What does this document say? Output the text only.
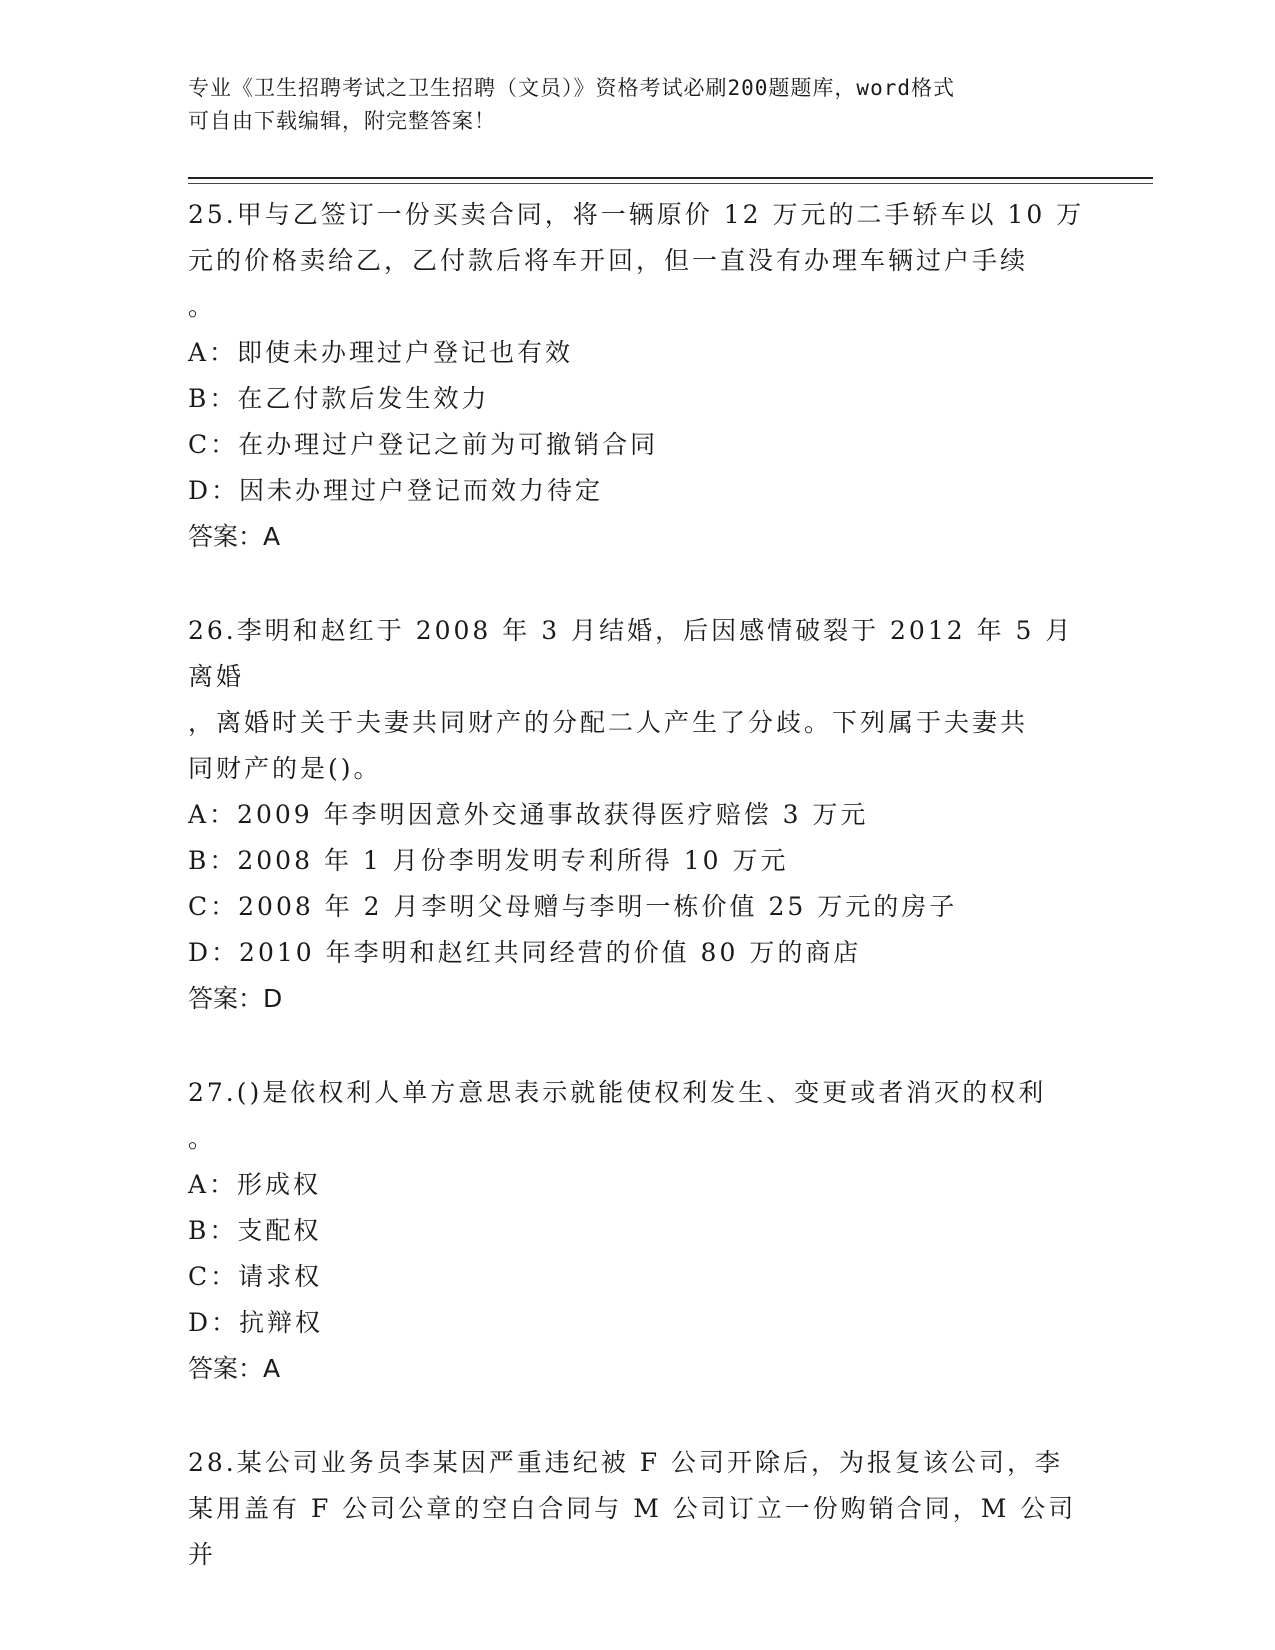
专业《卫生招聘考试之卫生招聘（文员）》资格考试必刷200题题库，word格式
可自由下载编辑，附完整答案！

25.甲与乙签订一份买卖合同，将一辆原价 12 万元的二手轿车以 10 万

元的价格卖给乙，乙付款后将车开回，但一直没有办理车辆过户手续

。

A：即使未办理过户登记也有效

B：在乙付款后发生效力

C：在办理过户登记之前为可撤销合同

D：因未办理过户登记而效力待定

答案：A

26.李明和赵红于 2008 年 3 月结婚，后因感情破裂于 2012 年 5 月离婚

，离婚时关于夫妻共同财产的分配二人产生了分歧。下列属于夫妻共

同财产的是()。

A：2009 年李明因意外交通事故获得医疗赔偿 3 万元

B：2008 年 1 月份李明发明专利所得 10 万元

C：2008 年 2 月李明父母赠与李明一栋价值 25 万元的房子

D：2010 年李明和赵红共同经营的价值 80 万的商店

答案：D

27.()是依权利人单方意思表示就能使权利发生、变更或者消灭的权利

。

A：形成权

B：支配权

C：请求权

D：抗辩权

答案：A

28.某公司业务员李某因严重违纪被 F 公司开除后，为报复该公司，李

某用盖有 F 公司公章的空白合同与 M 公司订立一份购销合同，M 公司并
